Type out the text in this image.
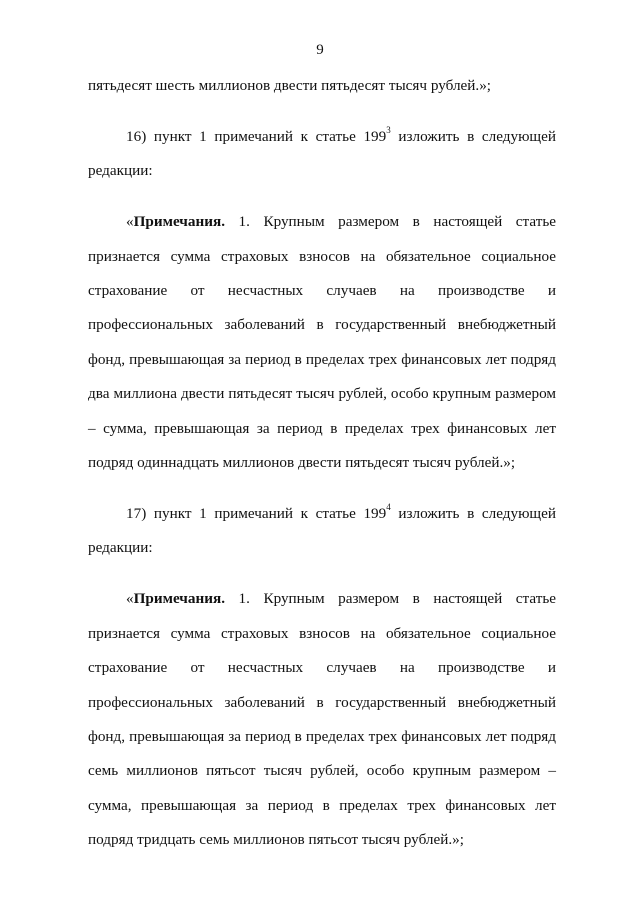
9

пятьдесят шесть миллионов двести пятьдесят тысяч рублей.»;

16) пункт 1 примечаний к статье $199^3$ изложить в следующей редакции:

«Примечания. 1. Крупным размером в настоящей статье признается сумма страховых взносов на обязательное социальное страхование от несчастных случаев на производстве и профессиональных заболеваний в государственный внебюджетный фонд, превышающая за период в пределах трех финансовых лет подряд два миллиона двести пятьдесят тысяч рублей, особо крупным размером – сумма, превышающая за период в пределах трех финансовых лет подряд одиннадцать миллионов двести пятьдесят тысяч рублей.»;

17) пункт 1 примечаний к статье $199^4$ изложить в следующей редакции:

«Примечания. 1. Крупным размером в настоящей статье признается сумма страховых взносов на обязательное социальное страхование от несчастных случаев на производстве и профессиональных заболеваний в государственный внебюджетный фонд, превышающая за период в пределах трех финансовых лет подряд семь миллионов пятьсот тысяч рублей, особо крупным размером – сумма, превышающая за период в пределах трех финансовых лет подряд тридцать семь миллионов пятьсот тысяч рублей.»;
